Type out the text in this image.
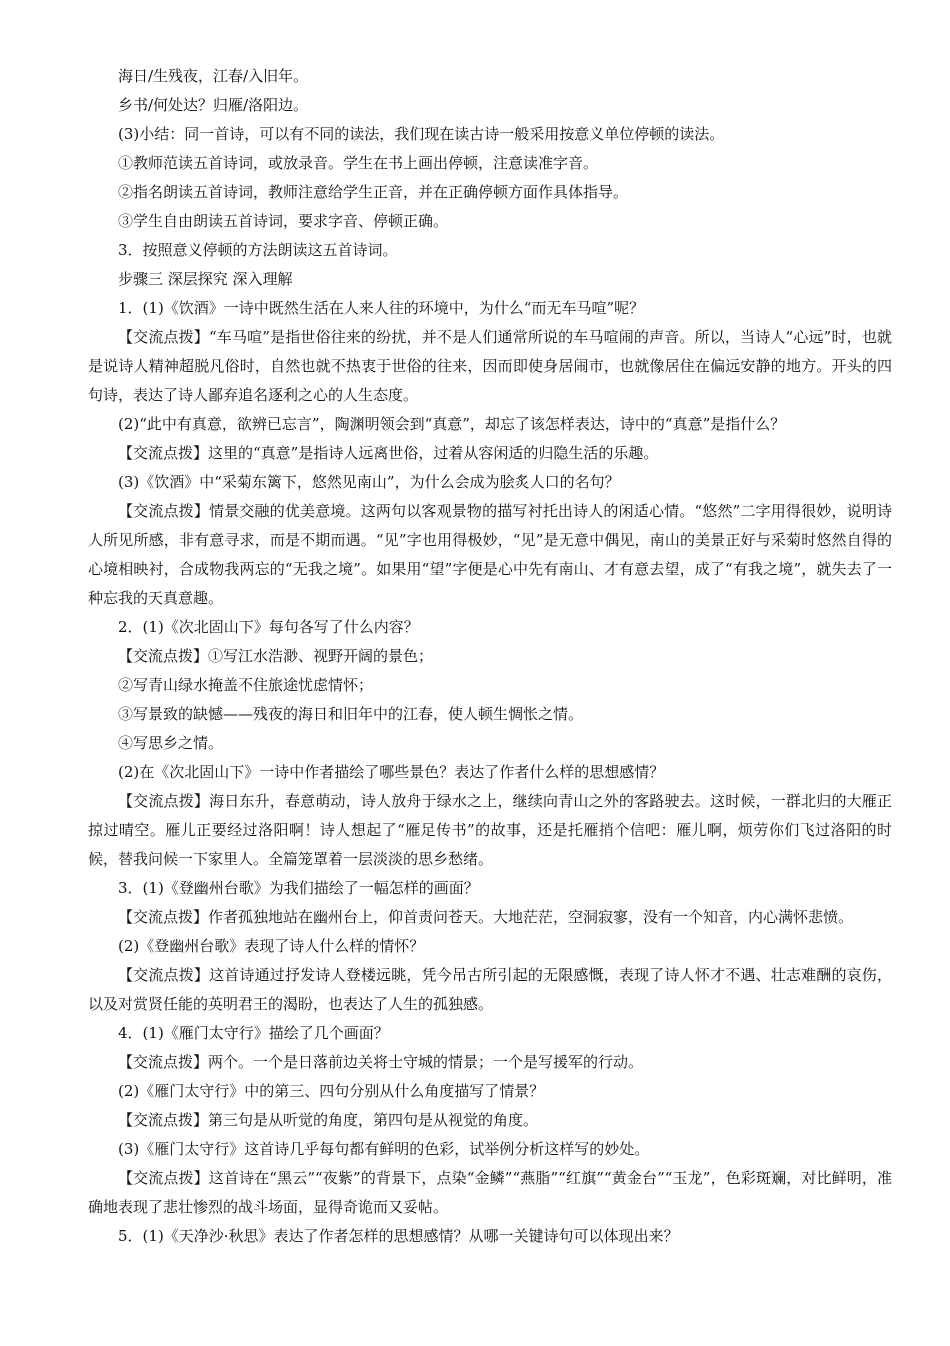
海日/生残夜，江春/入旧年。

乡书/何处达？归雁/洛阳边。

(3)小结：同一首诗，可以有不同的读法，我们现在读古诗一般采用按意义单位停顿的读法。

①教师范读五首诗词，或放录音。学生在书上画出停顿，注意读准字音。

②指名朗读五首诗词，教师注意给学生正音，并在正确停顿方面作具体指导。

③学生自由朗读五首诗词，要求字音、停顿正确。

3．按照意义停顿的方法朗读这五首诗词。

步骤三 深层探究 深入理解

1．(1)《饮酒》一诗中既然生活在人来人往的环境中，为什么“而无车马喧”呢？

【交流点拨】“车马喧”是指世俗往来的纷扰，并不是人们通常所说的车马喧闹的声音。所以，当诗人“心远”时，也就是说诗人精神超脱凡俗时，自然也就不热衷于世俗的往来，因而即使身居闹市，也就像居住在偏远安静的地方。开头的四句诗，表达了诗人鄙弃追名逐利之心的人生态度。

(2)“此中有真意，欲辨已忘言”，陶渊明领会到“真意”，却忘了该怎样表达，诗中的“真意”是指什么？

【交流点拨】这里的“真意”是指诗人远离世俗，过着从容闲适的归隐生活的乐趣。

(3)《饮酒》中“采菊东篱下，悠然见南山”，为什么会成为脍炙人口的名句？

【交流点拨】情景交融的优美意境。这两句以客观景物的描写衬托出诗人的闲适心情。“悠然”二字用得很妙，说明诗人所见所感，非有意寻求，而是不期而遇。“见”字也用得极妙，“见”是无意中偶见，南山的美景正好与采菊时悠然自得的心境相映衬，合成物我两忘的“无我之境”。如果用“望”字便是心中先有南山、才有意去望，成了“有我之境”，就失去了一种忘我的天真意趣。

2．(1)《次北固山下》每句各写了什么内容？

【交流点拨】①写江水浩渺、视野开阔的景色；

②写青山绿水掩盖不住旅途忧虑情怀；

③写景致的缺憾——残夜的海日和旧年中的江春，使人顿生惆怅之情。

④写思乡之情。

(2)在《次北固山下》一诗中作者描绘了哪些景色？表达了作者什么样的思想感情？

【交流点拨】海日东升，春意萌动，诗人放舟于绿水之上，继续向青山之外的客路驶去。这时候，一群北归的大雁正掠过晴空。雁儿正要经过洛阳啊！诗人想起了“雁足传书”的故事，还是托雁捎个信吧：雁儿啊，烦劳你们飞过洛阳的时候，替我问候一下家里人。全篇笼罩着一层淡淡的思乡愁绪。

3．(1)《登幽州台歌》为我们描绘了一幅怎样的画面？

【交流点拨】作者孤独地站在幽州台上，仰首责问苍天。大地茫茫，空洞寂寥，没有一个知音，内心满怀悲愤。

(2)《登幽州台歌》表现了诗人什么样的情怀？

【交流点拨】这首诗通过抒发诗人登楼远眺，凭今吊古所引起的无限感慨，表现了诗人怀才不遇、壮志难酬的哀伤，以及对赏贤任能的英明君王的渴盼，也表达了人生的孤独感。

4．(1)《雁门太守行》描绘了几个画面？

【交流点拨】两个。一个是日落前边关将士守城的情景；一个是写援军的行动。

(2)《雁门太守行》中的第三、四句分别从什么角度描写了情景？

【交流点拨】第三句是从听觉的角度，第四句是从视觉的角度。

(3)《雁门太守行》这首诗几乎每句都有鲜明的色彩，试举例分析这样写的妙处。

【交流点拨】这首诗在“黑云”“夜紫”的背景下，点染“金鳞”“燕脂”“红旗”“黄金台”“玉龙”，色彩斑斓，对比鲜明，准确地表现了悲壮惨烈的战斗场面，显得奇诡而又妥帖。

5．(1)《天净沙·秋思》表达了作者怎样的思想感情？从哪一关键诗句可以体现出来？
